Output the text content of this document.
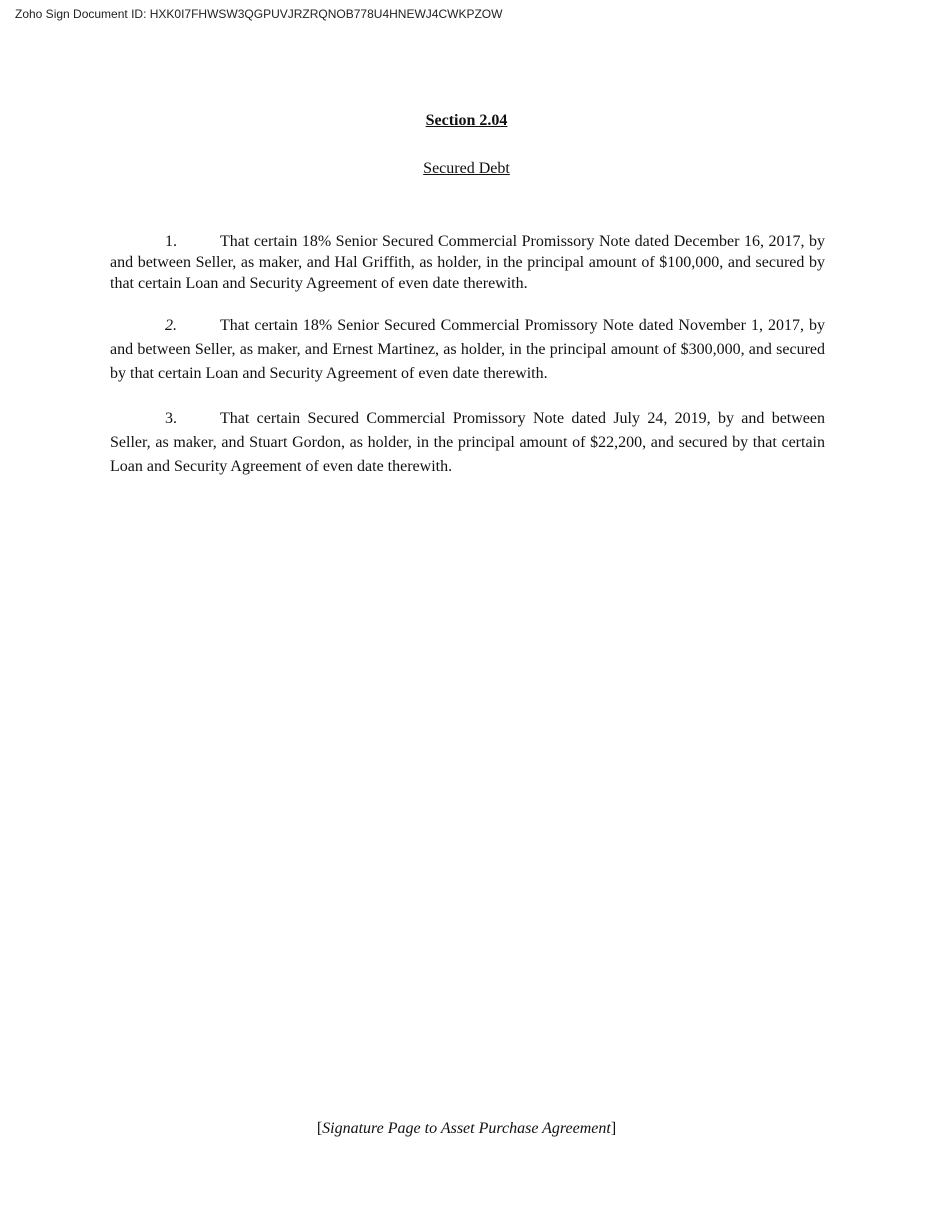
Zoho Sign Document ID: HXK0I7FHWSW3QGPUVJRZRQNOB778U4HNEWJ4CWKPZOW
Section 2.04
Secured Debt
1.	That certain 18% Senior Secured Commercial Promissory Note dated December 16, 2017, by and between Seller, as maker, and Hal Griffith, as holder, in the principal amount of $100,000, and secured by that certain Loan and Security Agreement of even date therewith.
2.	That certain 18% Senior Secured Commercial Promissory Note dated November 1, 2017, by and between Seller, as maker, and Ernest Martinez, as holder, in the principal amount of $300,000, and secured by that certain Loan and Security Agreement of even date therewith.
3.	That certain Secured Commercial Promissory Note dated July 24, 2019, by and between Seller, as maker, and Stuart Gordon, as holder, in the principal amount of $22,200, and secured by that certain Loan and Security Agreement of even date therewith.
[Signature Page to Asset Purchase Agreement]
